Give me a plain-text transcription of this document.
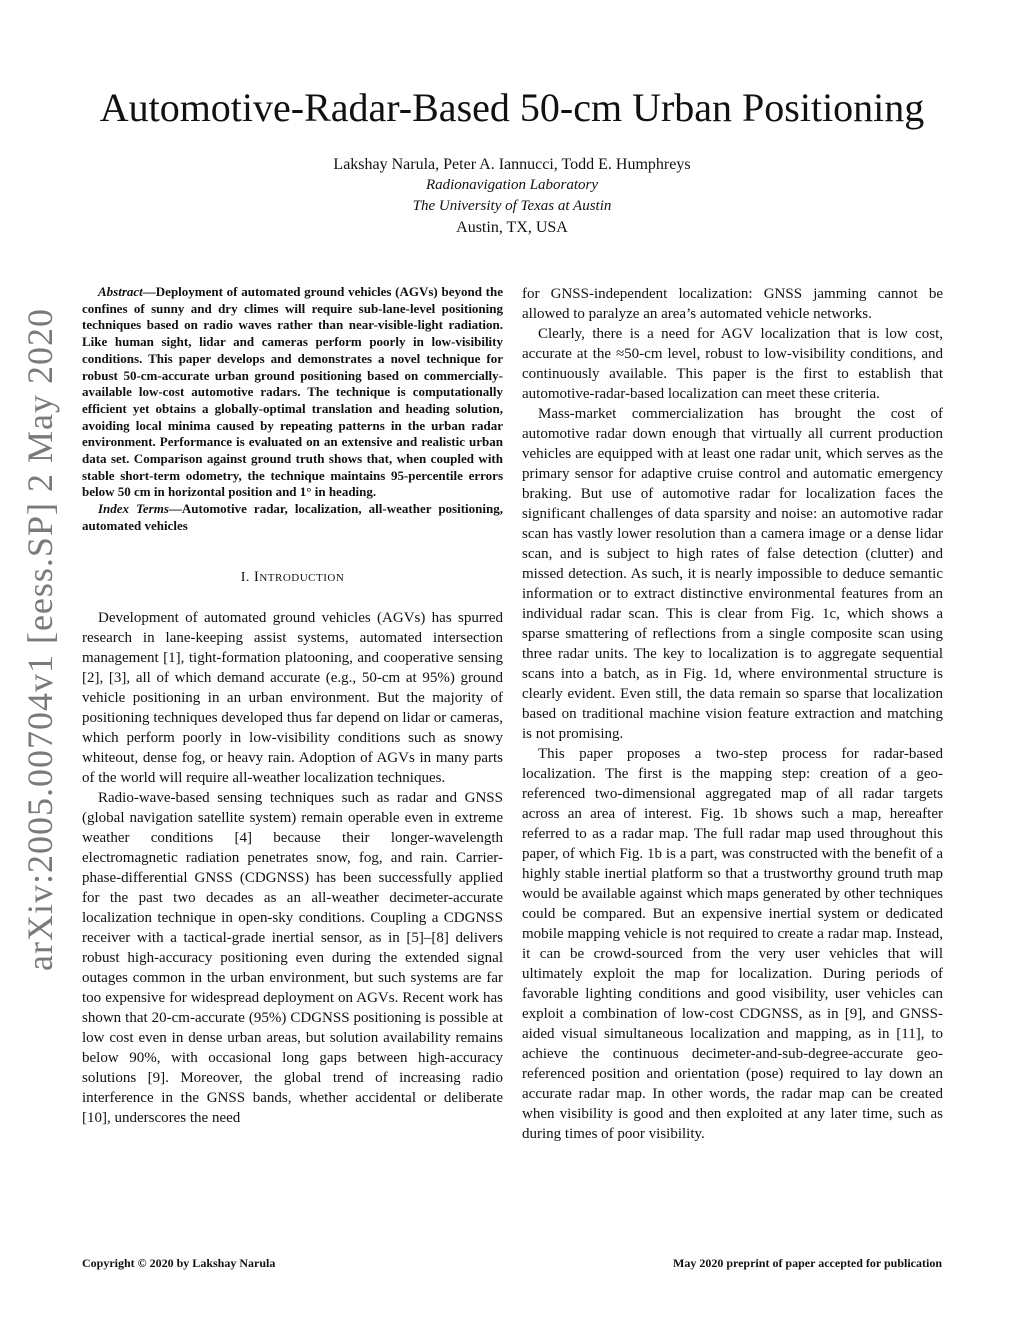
arXiv:2005.00704v1 [eess.SP] 2 May 2020
Automotive-Radar-Based 50-cm Urban Positioning
Lakshay Narula, Peter A. Iannucci, Todd E. Humphreys
Radionavigation Laboratory
The University of Texas at Austin
Austin, TX, USA

Abstract—Deployment of automated ground vehicles (AGVs) beyond the confines of sunny and dry climes will require sub-lane-level positioning techniques based on radio waves rather than near-visible-light radiation. Like human sight, lidar and cameras perform poorly in low-visibility conditions. This paper develops and demonstrates a novel technique for robust 50-cm-accurate urban ground positioning based on commercially-available low-cost automotive radars. The technique is computationally efficient yet obtains a globally-optimal translation and heading solution, avoiding local minima caused by repeating patterns in the urban radar environment. Performance is evaluated on an extensive and realistic urban data set. Comparison against ground truth shows that, when coupled with stable short-term odometry, the technique maintains 95-percentile errors below 50 cm in horizontal position and 1° in heading.

Index Terms—Automotive radar, localization, all-weather positioning, automated vehicles

I. Introduction

Development of automated ground vehicles (AGVs) has spurred research in lane-keeping assist systems, automated intersection management [1], tight-formation platooning, and cooperative sensing [2], [3], all of which demand accurate (e.g., 50-cm at 95%) ground vehicle positioning in an urban environment. But the majority of positioning techniques developed thus far depend on lidar or cameras, which perform poorly in low-visibility conditions such as snowy whiteout, dense fog, or heavy rain. Adoption of AGVs in many parts of the world will require all-weather localization techniques.

Radio-wave-based sensing techniques such as radar and GNSS (global navigation satellite system) remain operable even in extreme weather conditions [4] because their longer-wavelength electromagnetic radiation penetrates snow, fog, and rain. Carrier-phase-differential GNSS (CDGNSS) has been successfully applied for the past two decades as an all-weather decimeter-accurate localization technique in open-sky conditions. Coupling a CDGNSS receiver with a tactical-grade inertial sensor, as in [5]–[8] delivers robust high-accuracy positioning even during the extended signal outages common in the urban environment, but such systems are far too expensive for widespread deployment on AGVs. Recent work has shown that 20-cm-accurate (95%) CDGNSS positioning is possible at low cost even in dense urban areas, but solution availability remains below 90%, with occasional long gaps between high-accuracy solutions [9]. Moreover, the global trend of increasing radio interference in the GNSS bands, whether accidental or deliberate [10], underscores the need

for GNSS-independent localization: GNSS jamming cannot be allowed to paralyze an area’s automated vehicle networks.

Clearly, there is a need for AGV localization that is low cost, accurate at the ≈50-cm level, robust to low-visibility conditions, and continuously available. This paper is the first to establish that automotive-radar-based localization can meet these criteria.

Mass-market commercialization has brought the cost of automotive radar down enough that virtually all current production vehicles are equipped with at least one radar unit, which serves as the primary sensor for adaptive cruise control and automatic emergency braking. But use of automotive radar for localization faces the significant challenges of data sparsity and noise: an automotive radar scan has vastly lower resolution than a camera image or a dense lidar scan, and is subject to high rates of false detection (clutter) and missed detection. As such, it is nearly impossible to deduce semantic information or to extract distinctive environmental features from an individual radar scan. This is clear from Fig. 1c, which shows a sparse smattering of reflections from a single composite scan using three radar units. The key to localization is to aggregate sequential scans into a batch, as in Fig. 1d, where environmental structure is clearly evident. Even still, the data remain so sparse that localization based on traditional machine vision feature extraction and matching is not promising.

This paper proposes a two-step process for radar-based localization. The first is the mapping step: creation of a geo-referenced two-dimensional aggregated map of all radar targets across an area of interest. Fig. 1b shows such a map, hereafter referred to as a radar map. The full radar map used throughout this paper, of which Fig. 1b is a part, was constructed with the benefit of a highly stable inertial platform so that a trustworthy ground truth map would be available against which maps generated by other techniques could be compared. But an expensive inertial system or dedicated mobile mapping vehicle is not required to create a radar map. Instead, it can be crowd-sourced from the very user vehicles that will ultimately exploit the map for localization. During periods of favorable lighting conditions and good visibility, user vehicles can exploit a combination of low-cost CDGNSS, as in [9], and GNSS-aided visual simultaneous localization and mapping, as in [11], to achieve the continuous decimeter-and-sub-degree-accurate geo-referenced position and orientation (pose) required to lay down an accurate radar map. In other words, the radar map can be created when visibility is good and then exploited at any later time, such as during times of poor visibility.

Copyright © 2020 by Lakshay Narula	May 2020 preprint of paper accepted for publication
